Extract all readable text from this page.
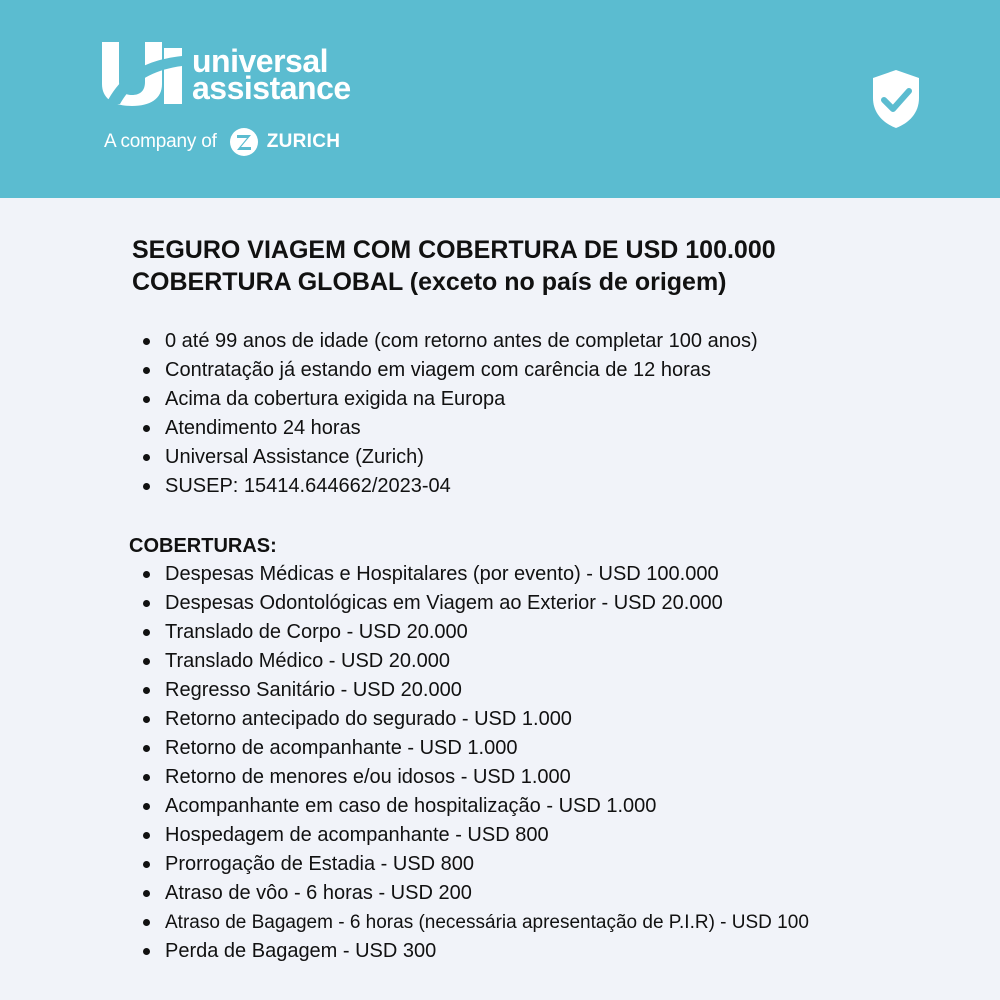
universal
assistance
A company of	ZURICH
SEGURO VIAGEM COM COBERTURA DE USD 100.000
COBERTURA GLOBAL (exceto no país de origem)
0 até 99 anos de idade (com retorno antes de completar 100 anos)
Contratação já estando em viagem com carência de 12 horas
Acima da cobertura exigida na Europa
Atendimento 24 horas
Universal Assistance (Zurich)
SUSEP: 15414.644662/2023-04
COBERTURAS:
Despesas Médicas e Hospitalares (por evento) - USD 100.000
Despesas Odontológicas em Viagem ao Exterior - USD 20.000
Translado de Corpo - USD 20.000
Translado Médico - USD 20.000
Regresso Sanitário - USD 20.000
Retorno antecipado do segurado - USD 1.000
Retorno de acompanhante - USD 1.000
Retorno de menores e/ou idosos - USD 1.000
Acompanhante em caso de hospitalização - USD 1.000
Hospedagem de acompanhante - USD 800
Prorrogação de Estadia - USD 800
Atraso de vôo - 6 horas - USD 200
Atraso de Bagagem - 6 horas (necessária apresentação de P.I.R) - USD 100
Perda de Bagagem - USD 300
